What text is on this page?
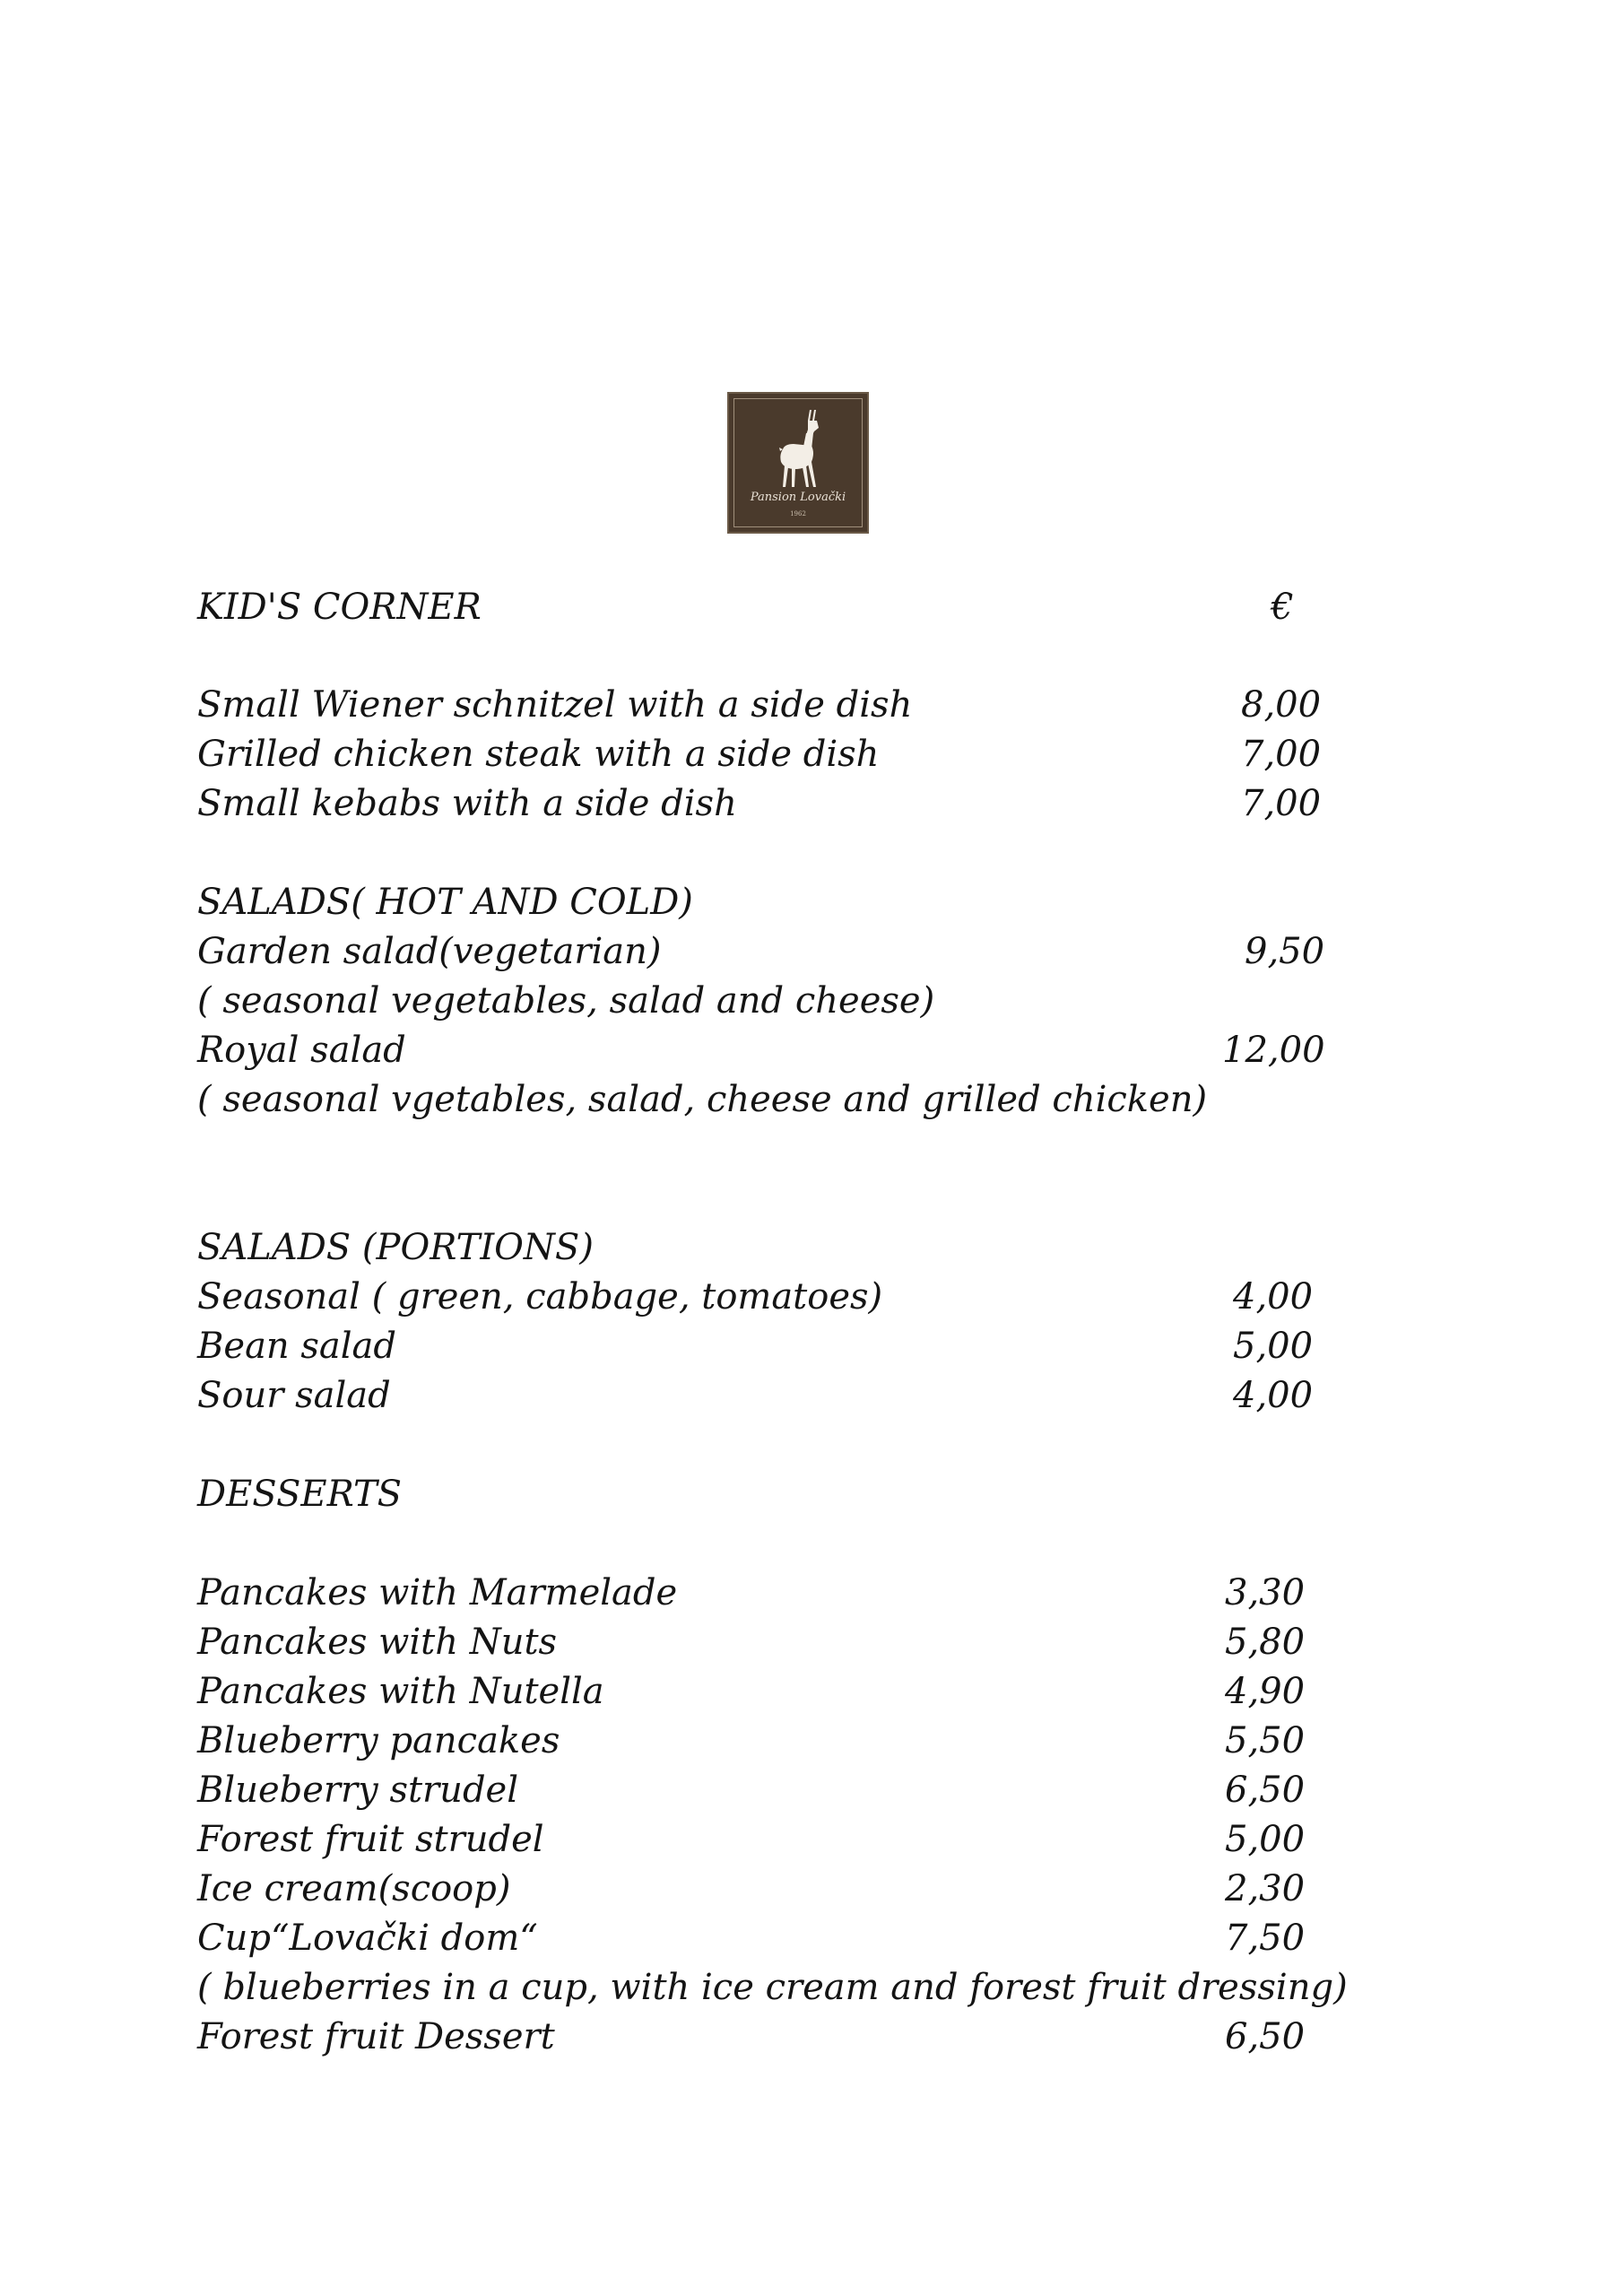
Pansion Lovački
1962
€
KID'S CORNER
Small Wiener schnitzel with a side dish	8,00
Grilled chicken steak with a side dish	7,00
Small kebabs with a side dish	7,00
SALADS( HOT AND COLD)
Garden salad(vegetarian)	9,50
( seasonal vegetables, salad and cheese)
Royal salad	12,00
( seasonal vgetables, salad, cheese and grilled chicken)
SALADS (PORTIONS)
Seasonal ( green, cabbage, tomatoes)	4,00
Bean salad	5,00
Sour salad	4,00
DESSERTS
Pancakes with Marmelade	3,30
Pancakes with Nuts	5,80
Pancakes with Nutella	4,90
Blueberry pancakes	5,50
Blueberry strudel	6,50
Forest fruit strudel	5,00
Ice cream(scoop)	2,30
Cup“Lovački dom“	7,50
( blueberries in a cup, with ice cream and forest fruit dressing)
Forest fruit Dessert	6,50
